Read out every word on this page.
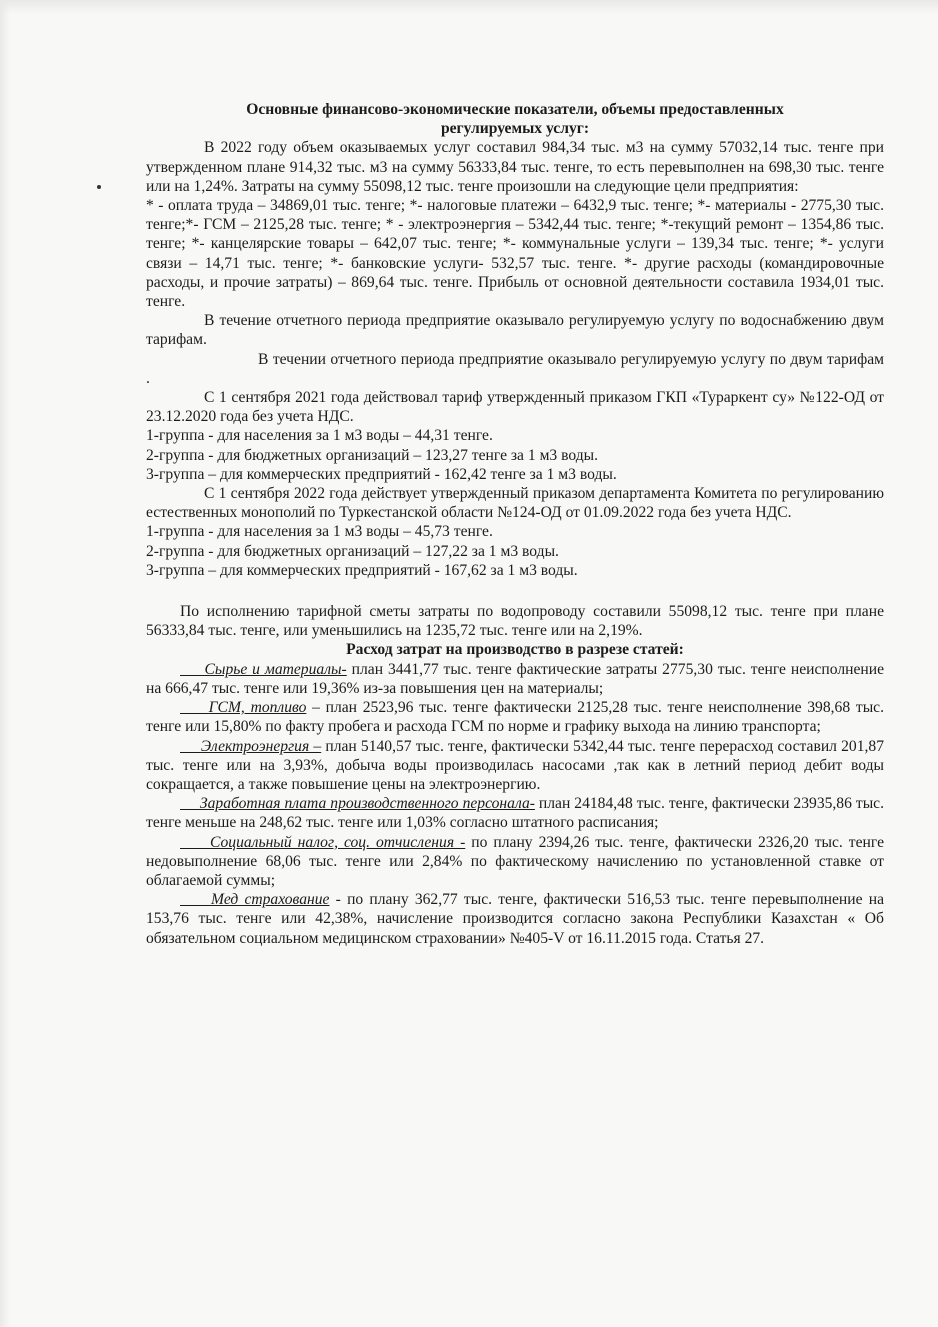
Основные финансово-экономические показатели, объемы предоставленных

регулируемых услуг:

В 2022 году объем оказываемых услуг составил 984,34 тыс. м3 на сумму 57032,14 тыс. тенге при утвержденном плане 914,32 тыс. м3 на сумму 56333,84 тыс. тенге, то есть перевыполнен на 698,30 тыс. тенге или на 1,24%. Затраты на сумму 55098,12 тыс. тенге произошли на следующие цели предприятия:

* - оплата труда – 34869,01 тыс. тенге; *- налоговые платежи – 6432,9 тыс. тенге; *- материалы - 2775,30 тыс. тенге;*- ГСМ – 2125,28 тыс. тенге; * - электроэнергия – 5342,44 тыс. тенге; *-текущий ремонт – 1354,86 тыс. тенге; *- канцелярские товары – 642,07 тыс. тенге; *- коммунальные услуги – 139,34 тыс. тенге; *- услуги связи – 14,71 тыс. тенге; *- банковские услуги- 532,57 тыс. тенге. *- другие расходы (командировочные расходы, и прочие затраты) – 869,64 тыс. тенге. Прибыль от основной деятельности составила 1934,01 тыс. тенге.

В течение отчетного периода предприятие оказывало регулируемую услугу по водоснабжению двум тарифам.

В течении отчетного периода предприятие оказывало регулируемую услугу по двум тарифам .

С 1 сентября 2021 года действовал тариф утвержденный приказом ГКП «Тураркент су» №122-ОД от 23.12.2020 года без учета НДС.

1-группа - для населения за 1 м3 воды – 44,31 тенге.

2-группа - для бюджетных организаций – 123,27 тенге за 1 м3 воды.

3-группа – для коммерческих предприятий - 162,42 тенге за 1 м3 воды.

С 1 сентября 2022 года действует утвержденный приказом департамента Комитета по регулированию естественных монополий по Туркестанской области №124-ОД от 01.09.2022 года без учета НДС.

1-группа - для населения за 1 м3 воды – 45,73 тенге.

2-группа - для бюджетных организаций – 127,22 за 1 м3 воды.

3-группа – для коммерческих предприятий - 167,62 за 1 м3 воды.

По исполнению тарифной сметы затраты по водопроводу составили 55098,12 тыс. тенге при плане 56333,84 тыс. тенге, или уменьшились на 1235,72 тыс. тенге или на 2,19%.

Расход затрат на производство в разрезе статей:

Сырье и материалы- план 3441,77 тыс. тенге фактические затраты 2775,30 тыс. тенге неисполнение на 666,47 тыс. тенге или 19,36% из-за повышения цен на материалы;

ГСМ, топливо – план 2523,96 тыс. тенге фактически 2125,28 тыс. тенге неисполнение 398,68 тыс. тенге или 15,80% по факту пробега и расхода ГСМ по норме и графику выхода на линию транспорта;

Электроэнергия – план 5140,57 тыс. тенге, фактически 5342,44 тыс. тенге перерасход составил 201,87 тыс. тенге или на 3,93%, добыча воды производилась насосами ,так как в летний период дебит воды сокращается, а также повышение цены на электроэнергию.

Заработная плата производственного персонала- план 24184,48 тыс. тенге, фактически 23935,86 тыс. тенге меньше на 248,62 тыс. тенге или 1,03% согласно штатного расписания;

Социальный налог, соц. отчисления - по плану 2394,26 тыс. тенге, фактически 2326,20 тыс. тенге недовыполнение 68,06 тыс. тенге или 2,84% по фактическому начислению по установленной ставке от облагаемой суммы;

Мед страхование - по плану 362,77 тыс. тенге, фактически 516,53 тыс. тенге перевыполнение на 153,76 тыс. тенге или 42,38%, начисление производится согласно закона Республики Казахстан « Об обязательном социальном медицинском страховании» №405-V от 16.11.2015 года. Статья 27.
